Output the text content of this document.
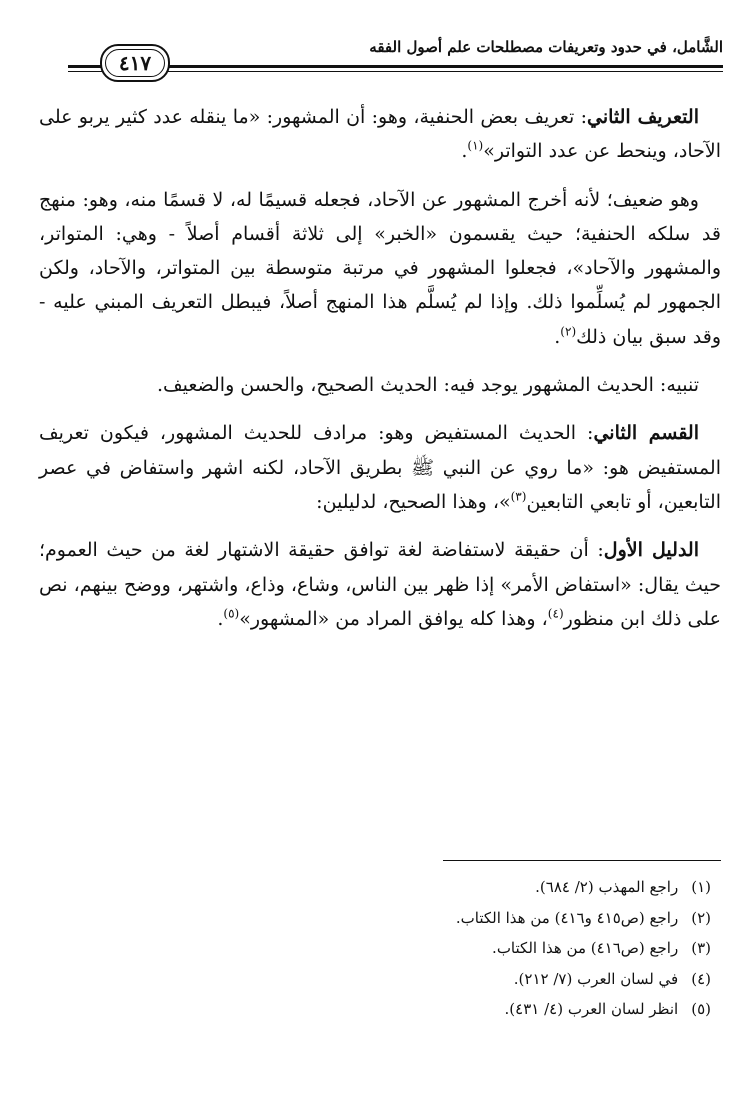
الشَّامل، في حدود وتعريفات مصطلحات علم أصول الفقه
٤١٧

التعريف الثاني: تعريف بعض الحنفية، وهو: أن المشهور: «ما ينقله عدد كثير يربو على الآحاد، وينحط عن عدد التواتر»$^{(١)}$.

وهو ضعيف؛ لأنه أخرج المشهور عن الآحاد، فجعله قسيمًا له، لا قسمًا منه، وهو: منهج قد سلكه الحنفية؛ حيث يقسمون «الخبر» إلى ثلاثة أقسام أصلاً - وهي: المتواتر، والمشهور والآحاد»، فجعلوا المشهور في مرتبة متوسطة بين المتواتر، والآحاد، ولكن الجمهور لم يُسلِّموا ذلك. وإذا لم يُسلَّم هذا المنهج أصلاً، فيبطل التعريف المبني عليه - وقد سبق بيان ذلك$^{(٢)}$.

تنبيه: الحديث المشهور يوجد فيه: الحديث الصحيح، والحسن والضعيف.

القسم الثاني: الحديث المستفيض وهو: مرادف للحديث المشهور، فيكون تعريف المستفيض هو: «ما روي عن النبي ﷺ بطريق الآحاد، لكنه اشهر واستفاض في عصر التابعين، أو تابعي التابعين$^{(٣)}$»، وهذا الصحيح، لدليلين:

الدليل الأول: أن حقيقة لاستفاضة لغة توافق حقيقة الاشتهار لغة من حيث العموم؛ حيث يقال: «استفاض الأمر» إذا ظهر بين الناس، وشاع، وذاع، واشتهر، ووضح بينهم، نص على ذلك ابن منظور$^{(٤)}$، وهذا كله يوافق المراد من «المشهور»$^{(٥)}$.

(١) راجع المهذب (٢/ ٦٨٤).
(٢) راجع (ص٤١٥ و٤١٦) من هذا الكتاب.
(٣) راجع (ص٤١٦) من هذا الكتاب.
(٤) في لسان العرب (٧/ ٢١٢).
(٥) انظر لسان العرب (٤/ ٤٣١).
